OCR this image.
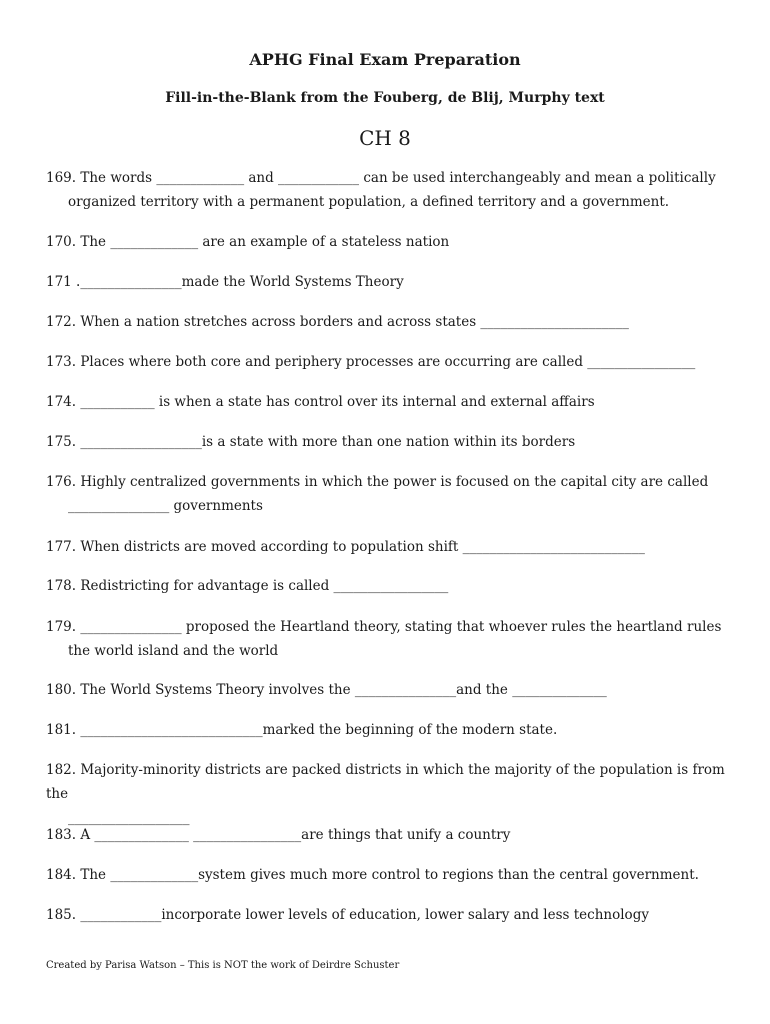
APHG Final Exam Preparation
Fill-in-the-Blank from the Fouberg, de Blij, Murphy text
CH 8
169. The words _____________ and ____________ can be used interchangeably and mean a politically
organized territory with a permanent population, a defined territory and a government.
170. The _____________ are an example of a stateless nation
171 ._______________made the World Systems Theory
172. When a nation stretches across borders and across states ______________________
173. Places where both core and periphery processes are occurring are called ________________
174. ___________ is when a state has control over its internal and external affairs
175. __________________is a state with more than one nation within its borders
176. Highly centralized governments in which the power is focused on the capital city are called
_______________ governments
177. When districts are moved according to population shift ___________________________
178. Redistricting for advantage is called _________________
179. _______________ proposed the Heartland theory, stating that whoever rules the heartland rules
the world island and the world
180. The World Systems Theory involves the _______________and the ______________
181. ___________________________marked the beginning of the modern state.
182. Majority-minority districts are packed districts in which the majority of the population is from the
__________________
183. A ______________ ________________are things that unify a country
184. The _____________system gives much more control to regions than the central government.
185. ____________incorporate lower levels of education, lower salary and less technology
Created by Parisa Watson – This is NOT the work of Deirdre Schuster
